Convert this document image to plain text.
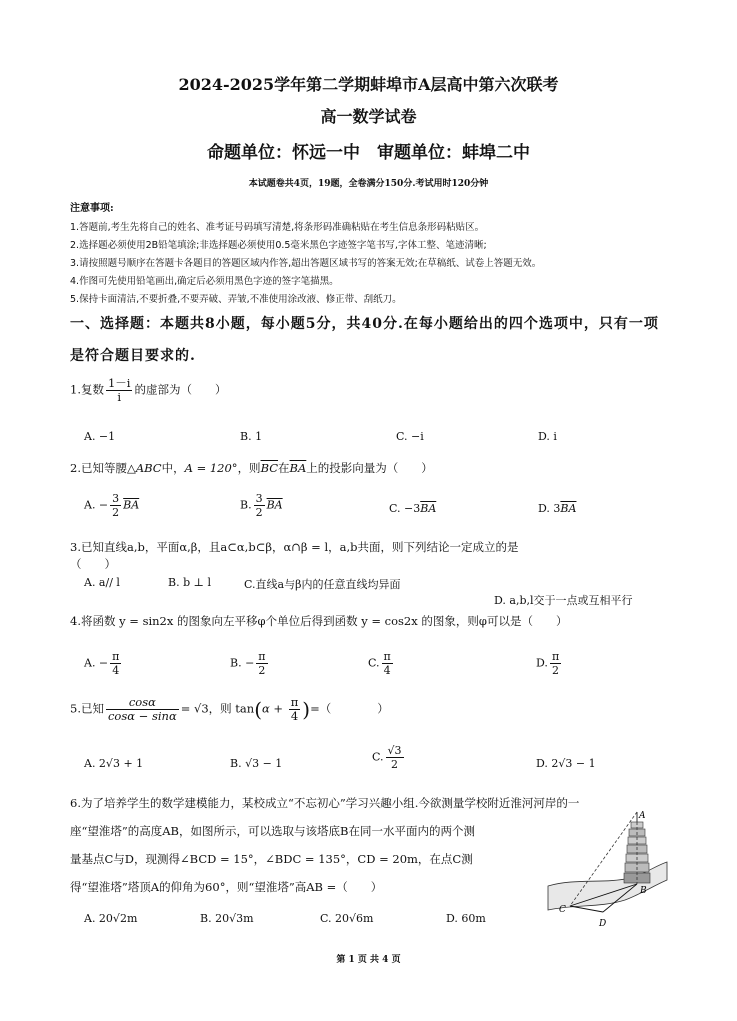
2024-2025学年第二学期蚌埠市A层高中第六次联考
高一数学试卷
命题单位：怀远一中　审题单位：蚌埠二中
本试题卷共4页，19题，全卷满分150分.考试用时120分钟
注意事项:
1.答题前,考生先将自己的姓名、准考证号码填写清楚,将条形码准确粘贴在考生信息条形码粘贴区。
2.选择题必须使用2B铅笔填涂;非选择题必须使用0.5毫米黑色字迹签字笔书写,字体工整、笔迹清晰;
3.请按照题号顺序在答题卡各题目的答题区域内作答,超出答题区域书写的答案无效;在草稿纸、试卷上答题无效。
4.作图可先使用铅笔画出,确定后必须用黑色字迹的签字笔描黑。
5.保持卡面清洁,不要折叠,不要弄破、弄皱,不准使用涂改液、修正带、刮纸刀。
一、选择题：本题共8小题，每小题5分，共40分.在每小题给出的四个选项中，只有一项
是符合题目要求的.
1.复数 $\frac{1-i}{i}$ 的虚部为（　　）
A. −1	B. 1	C. −i	D. i
2.已知等腰△ABC中，A = 120°，则$\overline{BC}$在$\overline{BA}$上的投影向量为（　　）
A. − $\frac{3}{2} \overline{BA}$	B. $\frac{3}{2} \overline{BA}$	C. $-3\overline{BA}$	D. $3\overline{BA}$
3.已知直线a,b，平面α,β，且a⊂α,b⊂β，α∩β = l，a,b共面，则下列结论一定成立的是
（　　）
A. a// l	B. b ⊥ l	C.直线a与β内的任意直线均异面
D. a,b,l交于一点或互相平行
4.将函数 y = sin2x 的图象向左平移φ个单位后得到函数 y = cos2x 的图象，则φ可以是（　　）
A. − $\frac{\pi}{4}$	B. − $\frac{\pi}{2}$	C. $\frac{\pi}{4}$	D. $\frac{\pi}{2}$
5.已知 $\frac{\cos\alpha}{\cos\alpha - \sin\alpha} = √3$，则 $\tan(\alpha + \frac{\pi}{4}$ )=（　　　　）
A. 2√3 + 1	B. √3 − 1	C. $\frac{√3}{2}$	D. 2√3 − 1
6.为了培养学生的数学建模能力，某校成立“不忘初心”学习兴趣小组.今欲测量学校附近淮河河岸的一
座“望淮塔”的高度AB，如图所示，可以选取与该塔底B在同一水平面内的两个测
量基点C与D，现测得∠BCD = 15°，∠BDC = 135°，CD = 20m，在点C测
得“望淮塔”塔顶A的仰角为60°，则“望淮塔”高AB =（　　）
A. 20√2m	B. 20√3m	C. 20√6m	D. 60m
A
B
C
D
第 1 页 共 4 页
